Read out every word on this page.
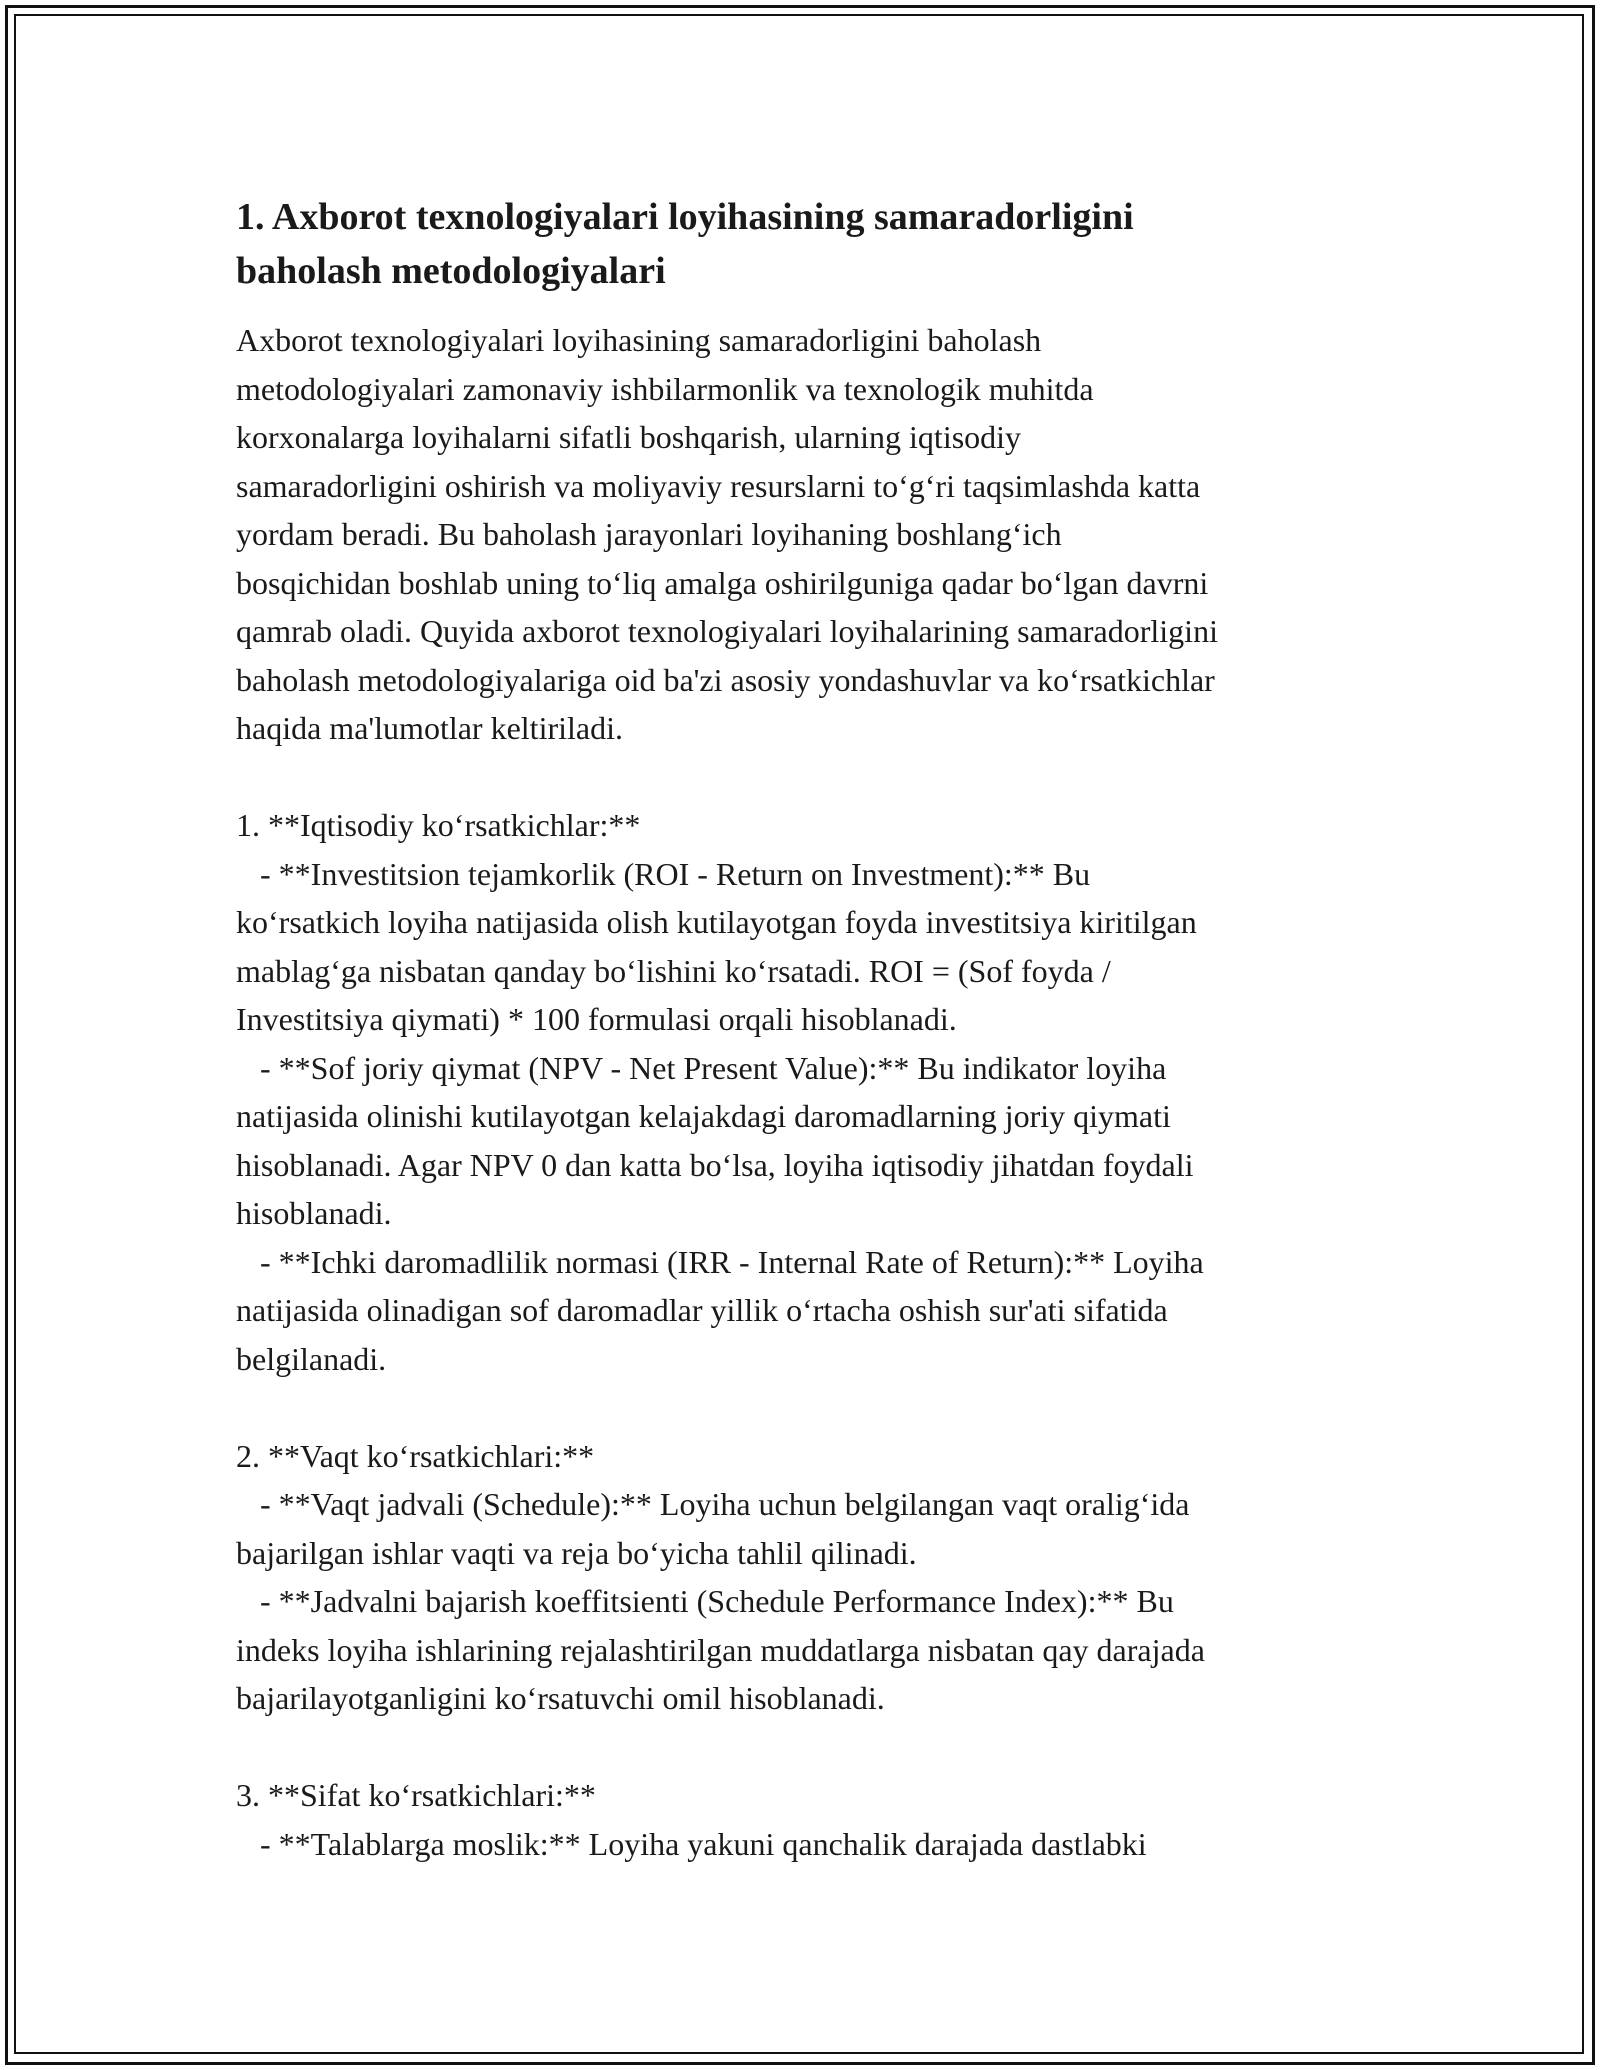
1. Axborot texnologiyalari loyihasining samaradorligini
baholash metodologiyalari

Axborot texnologiyalari loyihasining samaradorligini baholash
metodologiyalari zamonaviy ishbilarmonlik va texnologik muhitda
korxonalarga loyihalarni sifatli boshqarish, ularning iqtisodiy
samaradorligini oshirish va moliyaviy resurslarni to‘g‘ri taqsimlashda katta
yordam beradi. Bu baholash jarayonlari loyihaning boshlang‘ich
bosqichidan boshlab uning to‘liq amalga oshirilguniga qadar bo‘lgan davrni
qamrab oladi. Quyida axborot texnologiyalari loyihalarining samaradorligini
baholash metodologiyalariga oid ba'zi asosiy yondashuvlar va ko‘rsatkichlar
haqida ma'lumotlar keltiriladi.

1. **Iqtisodiy ko‘rsatkichlar:**
- **Investitsion tejamkorlik (ROI - Return on Investment):** Bu
ko‘rsatkich loyiha natijasida olish kutilayotgan foyda investitsiya kiritilgan
mablag‘ga nisbatan qanday bo‘lishini ko‘rsatadi. ROI = (Sof foyda /
Investitsiya qiymati) * 100 formulasi orqali hisoblanadi.
- **Sof joriy qiymat (NPV - Net Present Value):** Bu indikator loyiha
natijasida olinishi kutilayotgan kelajakdagi daromadlarning joriy qiymati
hisoblanadi. Agar NPV 0 dan katta bo‘lsa, loyiha iqtisodiy jihatdan foydali
hisoblanadi.
- **Ichki daromadlilik normasi (IRR - Internal Rate of Return):** Loyiha
natijasida olinadigan sof daromadlar yillik o‘rtacha oshish sur'ati sifatida
belgilanadi.

2. **Vaqt ko‘rsatkichlari:**
- **Vaqt jadvali (Schedule):** Loyiha uchun belgilangan vaqt oralig‘ida
bajarilgan ishlar vaqti va reja bo‘yicha tahlil qilinadi.
- **Jadvalni bajarish koeffitsienti (Schedule Performance Index):** Bu
indeks loyiha ishlarining rejalashtirilgan muddatlarga nisbatan qay darajada
bajarilayotganligini ko‘rsatuvchi omil hisoblanadi.

3. **Sifat ko‘rsatkichlari:**
- **Talablarga moslik:** Loyiha yakuni qanchalik darajada dastlabki
